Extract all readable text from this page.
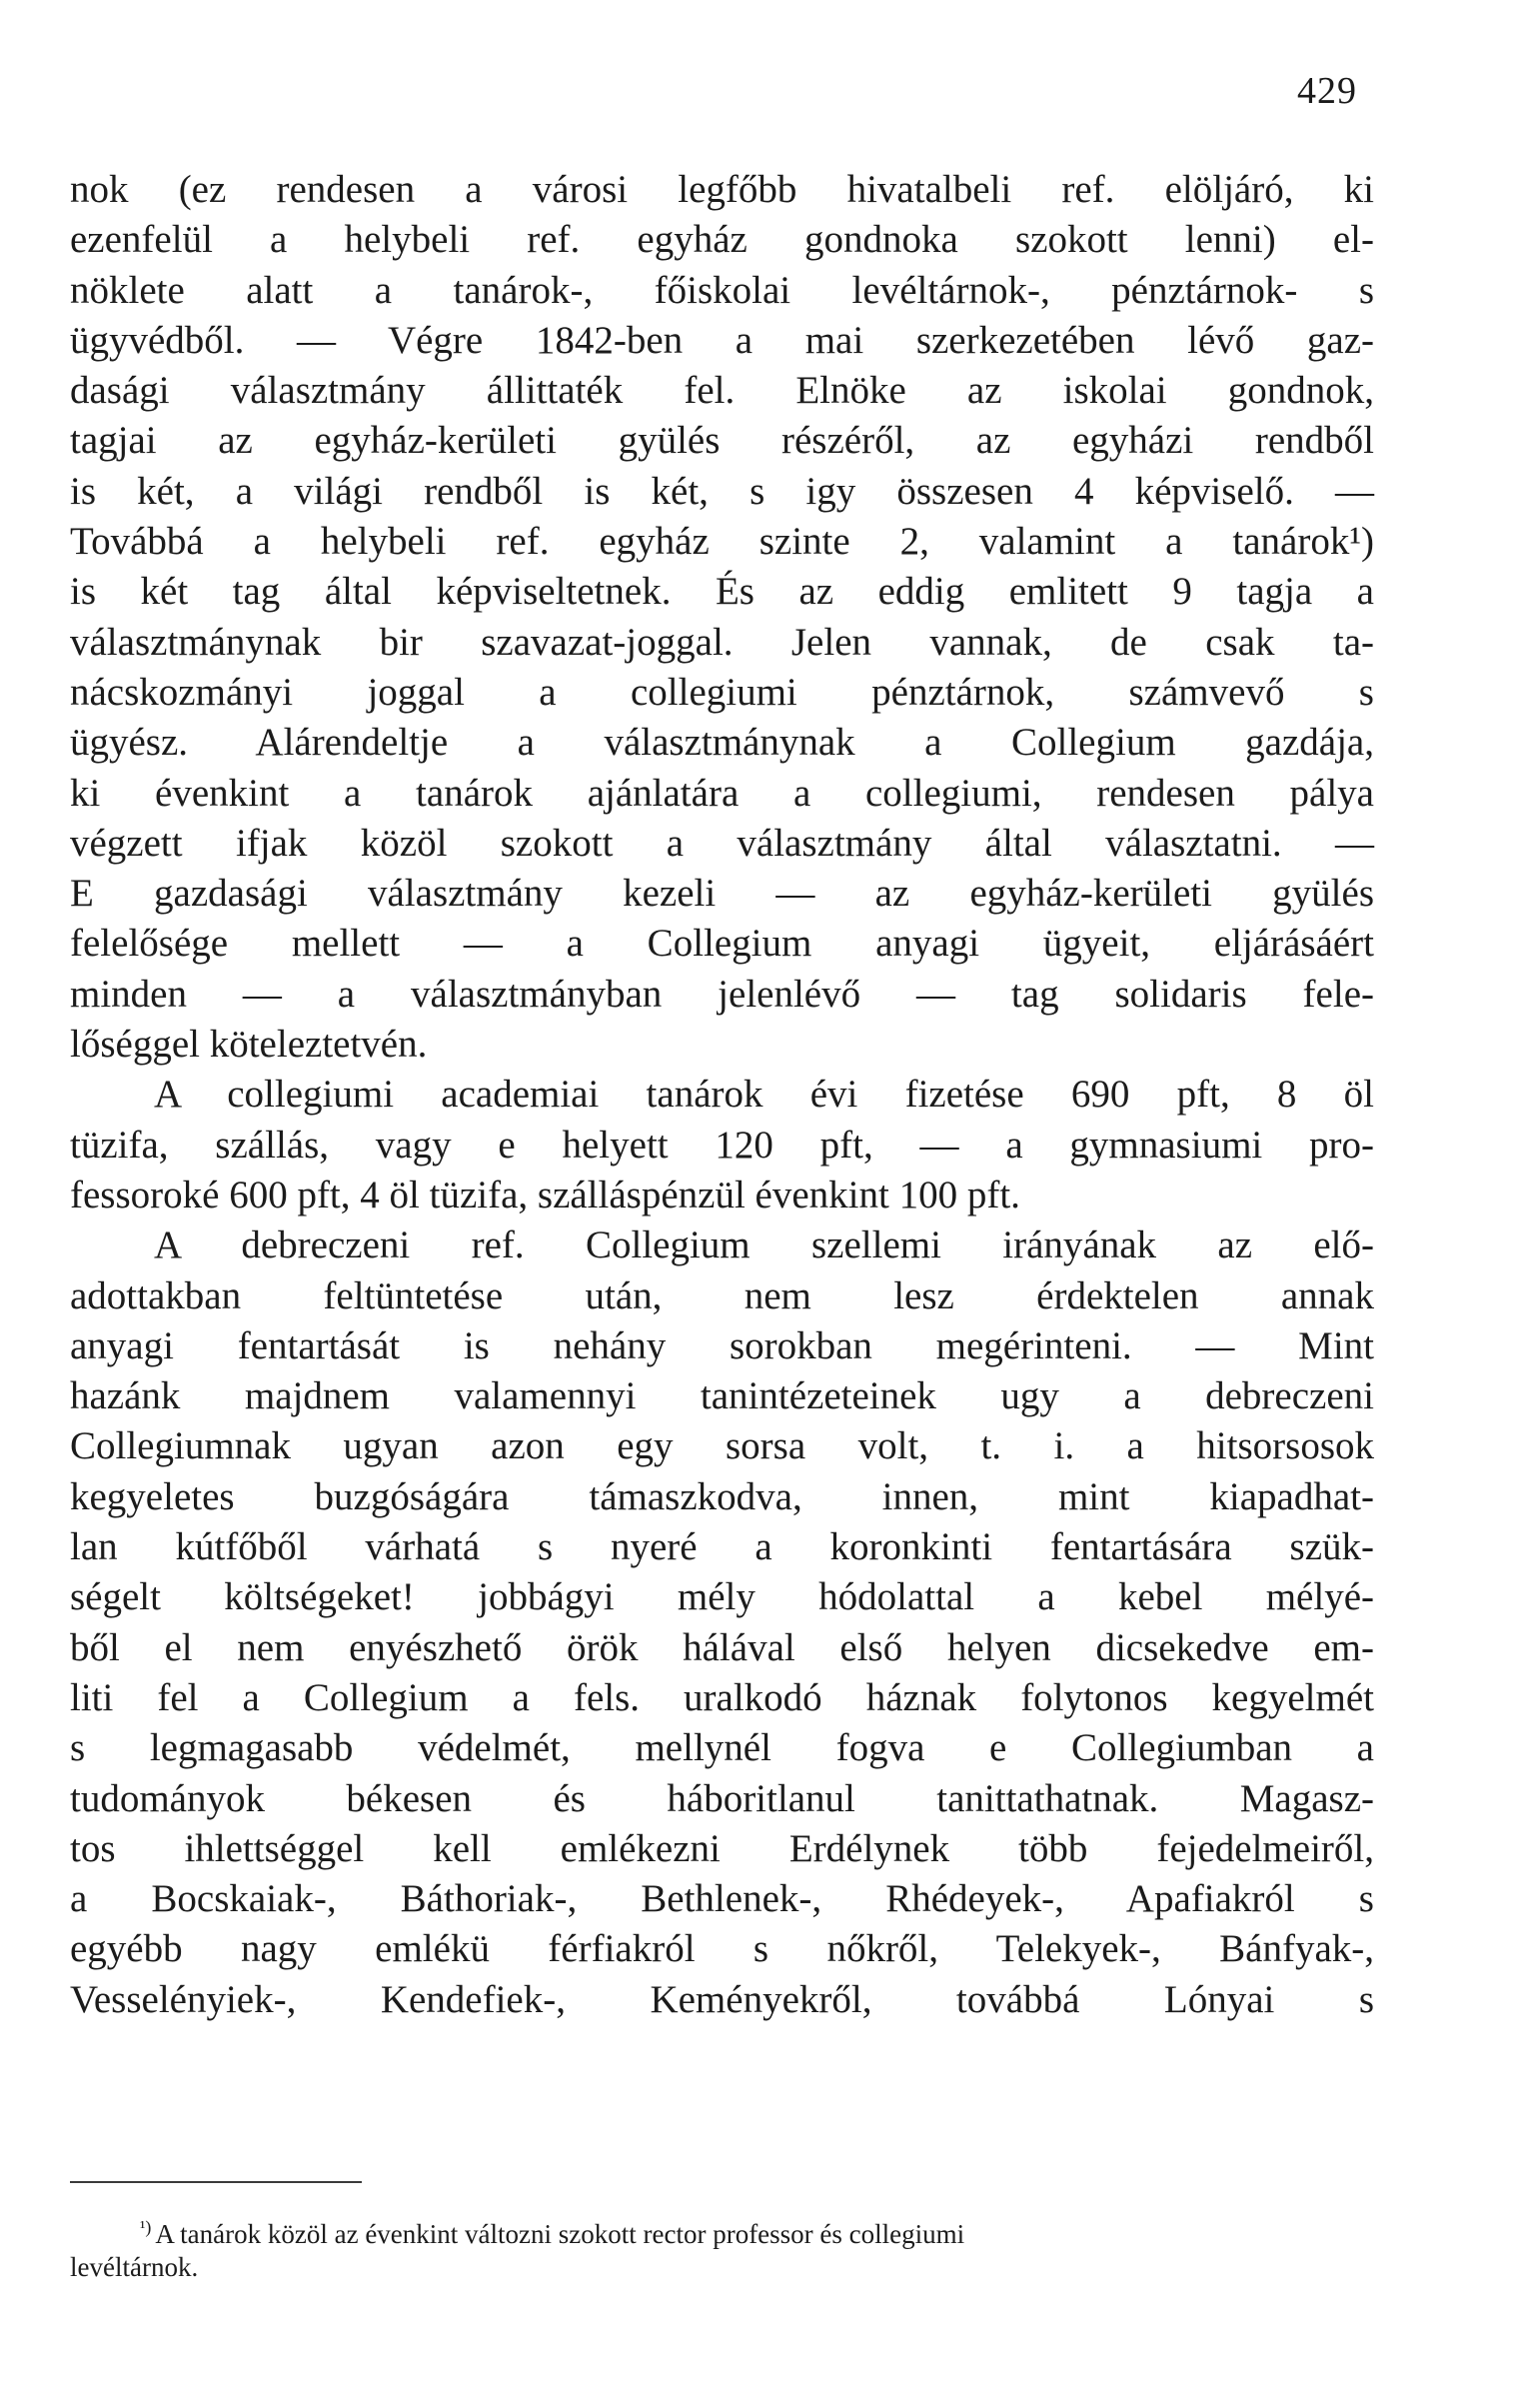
429
nok (ez rendesen a városi legfőbb hivatalbeli ref. elöljáró, ki
ezenfelül a helybeli ref. egyház gondnoka szokott lenni) el-
nöklete alatt a tanárok-, főiskolai levéltárnok-, pénztárnok- s
ügyvédből. — Végre 1842-ben a mai szerkezetében lévő gaz-
dasági választmány állittaték fel. Elnöke az iskolai gondnok,
tagjai az egyház-kerületi gyülés részéről, az egyházi rendből
is két, a világi rendből is két, s igy összesen 4 képviselő. —
Továbbá a helybeli ref. egyház szinte 2, valamint a tanárok¹)
is két tag által képviseltetnek. És az eddig emlitett 9 tagja a
választmánynak bir szavazat-joggal. Jelen vannak, de csak ta-
nácskozmányi joggal a collegiumi pénztárnok, számvevő s
ügyész. Alárendeltje a választmánynak a Collegium gazdája,
ki évenkint a tanárok ajánlatára a collegiumi, rendesen pálya
végzett ifjak közöl szokott a választmány által választatni. —
E gazdasági választmány kezeli — az egyház-kerületi gyülés
felelősége mellett — a Collegium anyagi ügyeit, eljárásáért
minden — a választmányban jelenlévő — tag solidaris fele-
lőséggel köteleztetvén.
A collegiumi academiai tanárok évi fizetése 690 pft, 8 öl
tüzifa, szállás, vagy e helyett 120 pft, — a gymnasiumi pro-
fessoroké 600 pft, 4 öl tüzifa, szálláspénzül évenkint 100 pft.
A debreczeni ref. Collegium szellemi irányának az elő-
adottakban feltüntetése után, nem lesz érdektelen annak
anyagi fentartását is nehány sorokban megérinteni. — Mint
hazánk majdnem valamennyi tanintézeteinek ugy a debreczeni
Collegiumnak ugyan azon egy sorsa volt, t. i. a hitsorsosok
kegyeletes buzgóságára támaszkodva, innen, mint kiapadhat-
lan kútfőből várhatá s nyeré a koronkinti fentartására szük-
ségelt költségeket! jobbágyi mély hódolattal a kebel mélyé-
ből el nem enyészhető örök hálával első helyen dicsekedve em-
liti fel a Collegium a fels. uralkodó háznak folytonos kegyelmét
s legmagasabb védelmét, mellynél fogva e Collegiumban a
tudományok békesen és háboritlanul tanittathatnak. Magasz-
tos ihlettséggel kell emlékezni Erdélynek több fejedelmeiről,
a Bocskaiak-, Báthoriak-, Bethlenek-, Rhédeyek-, Apafiakról s
egyébb nagy emlékü férfiakról s nőkről, Telekyek-, Bánfyak-,
Vesselényiek-, Kendefiek-, Keményekről, továbbá Lónyai s
$^{^1)}$ A tanárok közöl az évenkint változni szokott rector professor és collegiumi
levéltárnok.
